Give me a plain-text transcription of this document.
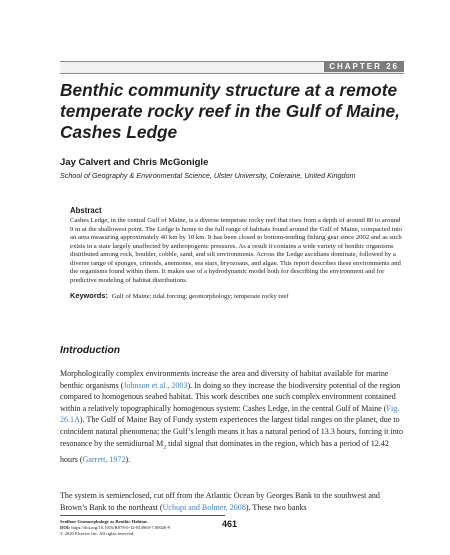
CHAPTER 26
Benthic community structure at a remote temperate rocky reef in the Gulf of Maine, Cashes Ledge

Jay Calvert and Chris McGonigle

School of Geography & Environmental Science, Ulster University, Coleraine, United Kingdom

Abstract

Cashes Ledge, in the central Gulf of Maine, is a diverse temperate rocky reef that rises from a depth of around 80 to around 9 m at the shallowest point. The Ledge is home to the full range of habitats found around the Gulf of Maine, compacted into an area measuring approximately 40 km by 10 km. It has been closed to bottom-tending fishing gear since 2002 and as such exists in a state largely unaffected by anthropogenic pressures. As a result it contains a wide variety of benthic organisms distributed among rock, boulder, cobble, sand, and silt environments. Across the Ledge ascidians dominate, followed by a diverse range of sponges, crinoids, anemones, sea stars, bryozoans, and algae. This report describes these environments and the organisms found within them. It makes use of a hydrodynamic model both for describing the environment and for predictive modeling of habitat distributions.

Keywords: Gulf of Maine; tidal forcing; geomorphology; temperate rocky reef

Introduction

Morphologically complex environments increase the area and diversity of habitat available for marine benthic organisms (Johnson et al., 2003). In doing so they increase the biodiversity potential of the region compared to homogenous seabed habitat. This work describes one such complex environment contained within a relatively topographically homogenous system: Cashes Ledge, in the central Gulf of Maine (Fig. 26.1A). The Gulf of Maine Bay of Fundy system experiences the largest tidal ranges on the planet, due to coincident natural phenomena; the Gulf’s length means it has a natural period of 13.3 hours, forcing it into resonance by the semidiurnal $M_2$ tidal signal that dominates in the region, which has a period of 12.42 hours (Garrett, 1972).

The system is semienclosed, cut off from the Atlantic Ocean by Georges Bank to the southwest and Brown’s Bank to the northeast (Uchupi and Bolmer, 2008). These two banks

Seafloor Geomorphology as Benthic Habitat.
DOI: https://doi.org/10.1016/B978-0-12-814960-7.00026-9
© 2020 Elsevier Inc. All rights reserved.
461
